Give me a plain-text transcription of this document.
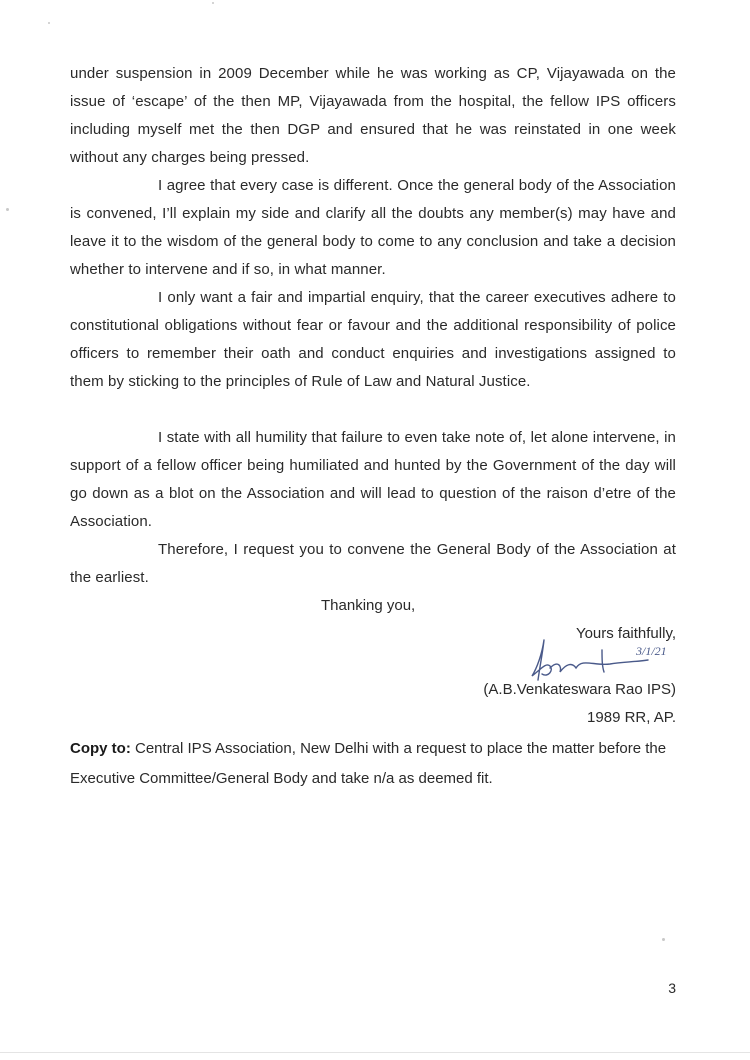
under suspension in 2009 December while he was working as CP, Vijayawada on the issue of ‘escape’ of the then MP, Vijayawada from the hospital, the fellow IPS officers including myself met the then DGP and ensured that he was reinstated in one week without any charges being pressed.

I agree that every case is different. Once the general body of the Association is convened, I’ll explain my side and clarify all the doubts any member(s) may have and leave it to the wisdom of the general body to come to any conclusion and take a decision whether to intervene and if so, in what manner.

I only want a fair and impartial enquiry, that the career executives adhere to constitutional obligations without fear or favour and the additional responsibility of police officers to remember their oath and conduct enquiries and investigations assigned to them by sticking to the principles of Rule of Law and Natural Justice.

I state with all humility that failure to even take note of, let alone intervene, in support of a fellow officer being humiliated and hunted by the Government of the day will go down as a blot on the Association and will lead to question of the raison d’etre of the Association.

Therefore, I request you to convene the General Body of the Association at the earliest.

Thanking you,
Yours faithfully,
3/1/21
(A.B.Venkateswara Rao IPS)
1989 RR, AP.

Copy to: Central IPS Association, New Delhi with a request to place the matter before the Executive Committee/General Body and take n/a as deemed fit.

3
